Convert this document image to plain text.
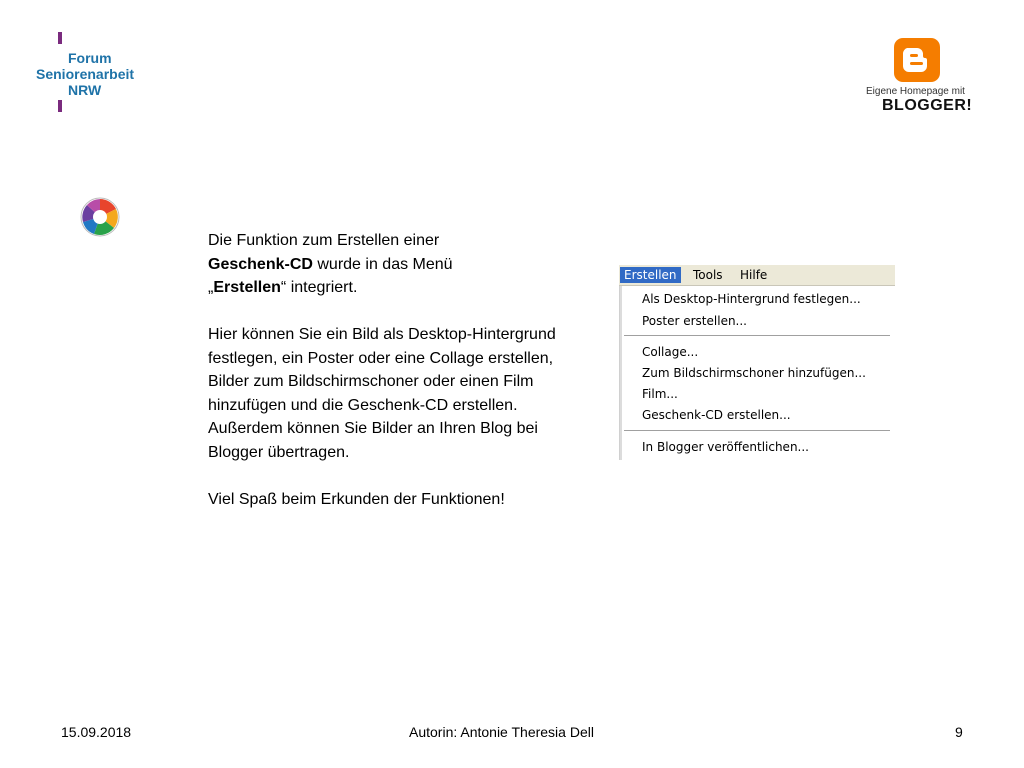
Forum
Seniorenarbeit
NRW	Eigene Homepage mit
BLOGGER!

Die Funktion zum Erstellen einer
Geschenk-CD wurde in das Menü
„Erstellen“ integriert.

Hier können Sie ein Bild als Desktop-Hintergrund festlegen, ein Poster oder eine Collage erstellen, Bilder zum Bildschirmschoner oder einen Film hinzufügen und die Geschenk-CD erstellen.

Außerdem können Sie Bilder an Ihren Blog bei Blogger übertragen.

Viel Spaß beim Erkunden der Funktionen!

Erstellen	Tools	Hilfe
Als Desktop-Hintergrund festlegen...
Poster erstellen...
Collage...
Zum Bildschirmschoner hinzufügen...
Film...
Geschenk-CD erstellen...
In Blogger veröffentlichen...
15.09.2018	Autorin: Antonie Theresia Dell	9
